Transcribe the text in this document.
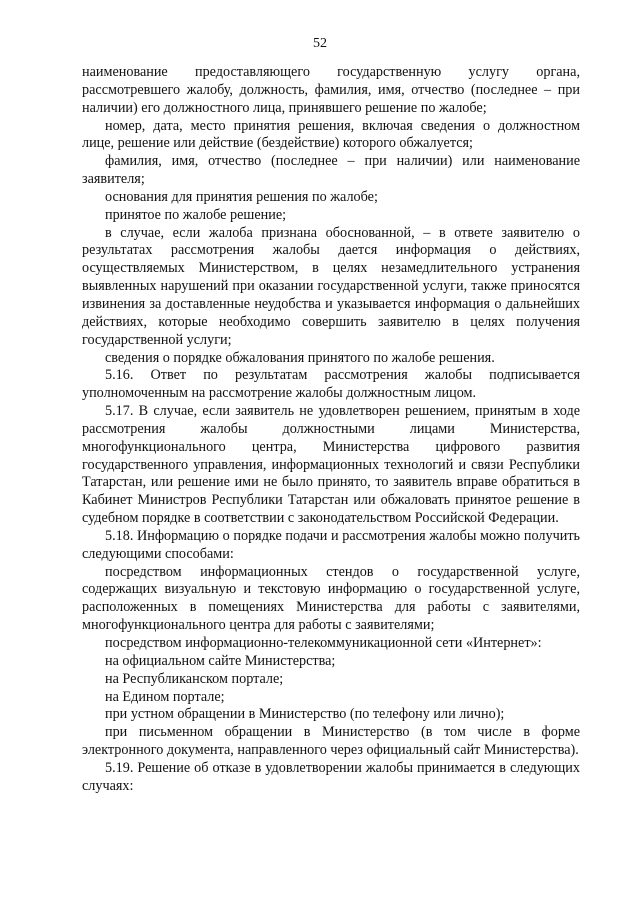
52

наименование предоставляющего государственную услугу органа, рассмотревшего жалобу, должность, фамилия, имя, отчество (последнее – при наличии) его должностного лица, принявшего решение по жалобе;

номер, дата, место принятия решения, включая сведения о должностном лице, решение или действие (бездействие) которого обжалуется;

фамилия, имя, отчество (последнее – при наличии) или наименование заявителя;

основания для принятия решения по жалобе;

принятое по жалобе решение;

в случае, если жалоба признана обоснованной, – в ответе заявителю о результатах рассмотрения жалобы дается информация о действиях, осуществляемых Министерством, в целях незамедлительного устранения выявленных нарушений при оказании государственной услуги, также приносятся извинения за доставленные неудобства и указывается информация о дальнейших действиях, которые необходимо совершить заявителю в целях получения государственной услуги;

сведения о порядке обжалования принятого по жалобе решения.

5.16. Ответ по результатам рассмотрения жалобы подписывается уполномоченным на рассмотрение жалобы должностным лицом.

5.17. В случае, если заявитель не удовлетворен решением, принятым в ходе рассмотрения жалобы должностными лицами Министерства, многофункционального центра, Министерства цифрового развития государственного управления, информационных технологий и связи Республики Татарстан, или решение ими не было принято, то заявитель вправе обратиться в Кабинет Министров Республики Татарстан или обжаловать принятое решение в судебном порядке в соответствии с законодательством Российской Федерации.

5.18. Информацию о порядке подачи и рассмотрения жалобы можно получить следующими способами:

посредством информационных стендов о государственной услуге, содержащих визуальную и текстовую информацию о государственной услуге, расположенных в помещениях Министерства для работы с заявителями, многофункционального центра для работы с заявителями;

посредством информационно-телекоммуникационной сети «Интернет»:

на официальном сайте Министерства;

на Республиканском портале;

на Едином портале;

при устном обращении в Министерство (по телефону или лично);

при письменном обращении в Министерство (в том числе в форме электронного документа, направленного через официальный сайт Министерства).

5.19. Решение об отказе в удовлетворении жалобы принимается в следующих случаях:
